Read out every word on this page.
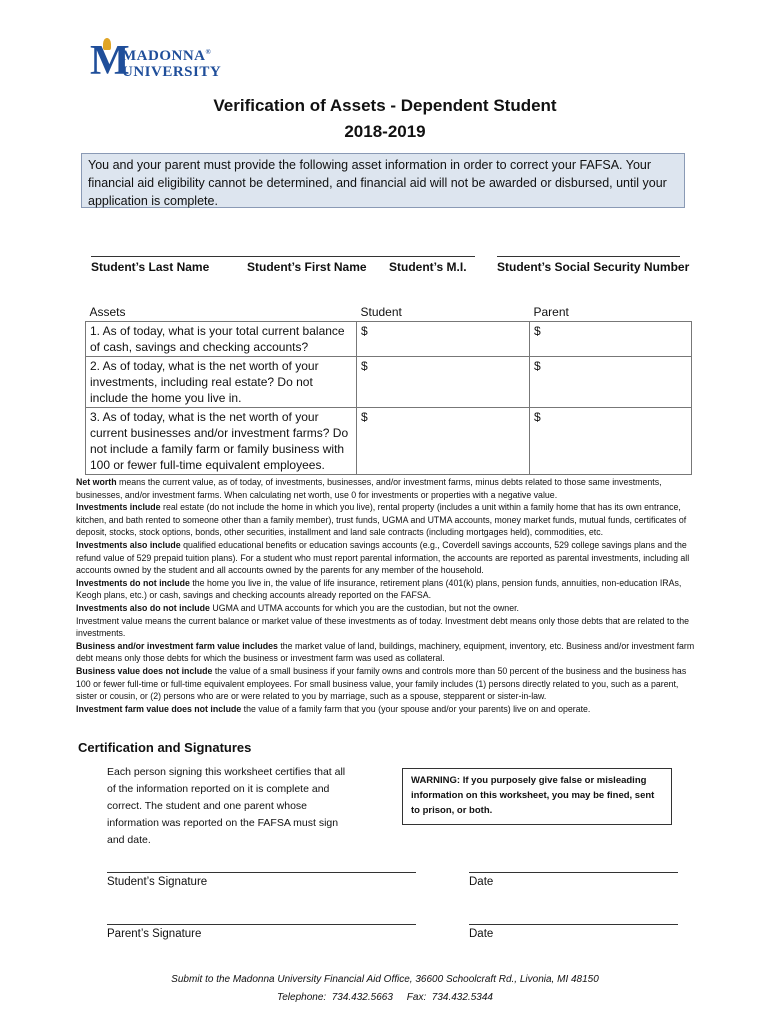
M
MADONNA®
UNIVERSITY
Verification of Assets - Dependent Student
2018-2019
You and your parent must provide the following asset information in order to correct your FAFSA. Your financial aid eligibility cannot be determined, and financial aid will not be awarded or disbursed, until your application is complete.
Student’s Last Name	Student’s First Name Student’s M.I.	Student’s Social Security Number
Assets	Student	Parent
1. As of today, what is your total current balance of cash, savings and checking accounts?	$	$
2. As of today, what is the net worth of your investments, including real estate? Do not include the home you live in.	$	$
3. As of today, what is the net worth of your current businesses and/or investment farms? Do not include a family farm or family business with 100 or fewer full-time equivalent employees.	$	$

Net worth means the current value, as of today, of investments, businesses, and/or investment farms, minus debts related to those same investments, businesses, and/or investment farms. When calculating net worth, use 0 for investments or properties with a negative value.

Investments include real estate (do not include the home in which you live), rental property (includes a unit within a family home that has its own entrance, kitchen, and bath rented to someone other than a family member), trust funds, UGMA and UTMA accounts, money market funds, mutual funds, certificates of deposit, stocks, stock options, bonds, other securities, installment and land sale contracts (including mortgages held), commodities, etc.

Investments also include qualified educational benefits or education savings accounts (e.g., Coverdell savings accounts, 529 college savings plans and the refund value of 529 prepaid tuition plans). For a student who must report parental information, the accounts are reported as parental investments, including all accounts owned by the student and all accounts owned by the parents for any member of the household.

Investments do not include the home you live in, the value of life insurance, retirement plans (401(k) plans, pension funds, annuities, non-education IRAs, Keogh plans, etc.) or cash, savings and checking accounts already reported on the FAFSA.

Investments also do not include UGMA and UTMA accounts for which you are the custodian, but not the owner.

Investment value means the current balance or market value of these investments as of today. Investment debt means only those debts that are related to the investments.

Business and/or investment farm value includes the market value of land, buildings, machinery, equipment, inventory, etc. Business and/or investment farm debt means only those debts for which the business or investment farm was used as collateral.

Business value does not include the value of a small business if your family owns and controls more than 50 percent of the business and the business has 100 or fewer full-time or full-time equivalent employees. For small business value, your family includes (1) persons directly related to you, such as a parent, sister or cousin, or (2) persons who are or were related to you by marriage, such as a spouse, stepparent or sister-in-law.

Investment farm value does not include the value of a family farm that you (your spouse and/or your parents) live on and operate.

Certification and Signatures
Each person signing this worksheet certifies that all of the information reported on it is complete and correct. The student and one parent whose information was reported on the FAFSA must sign and date.
WARNING: If you purposely give false or misleading information on this worksheet, you may be fined, sent to prison, or both.
Student’s Signature	Date
Parent’s Signature	Date
Submit to the Madonna University Financial Aid Office, 36600 Schoolcraft Rd., Livonia, MI 48150
Telephone:  734.432.5663     Fax:  734.432.5344
